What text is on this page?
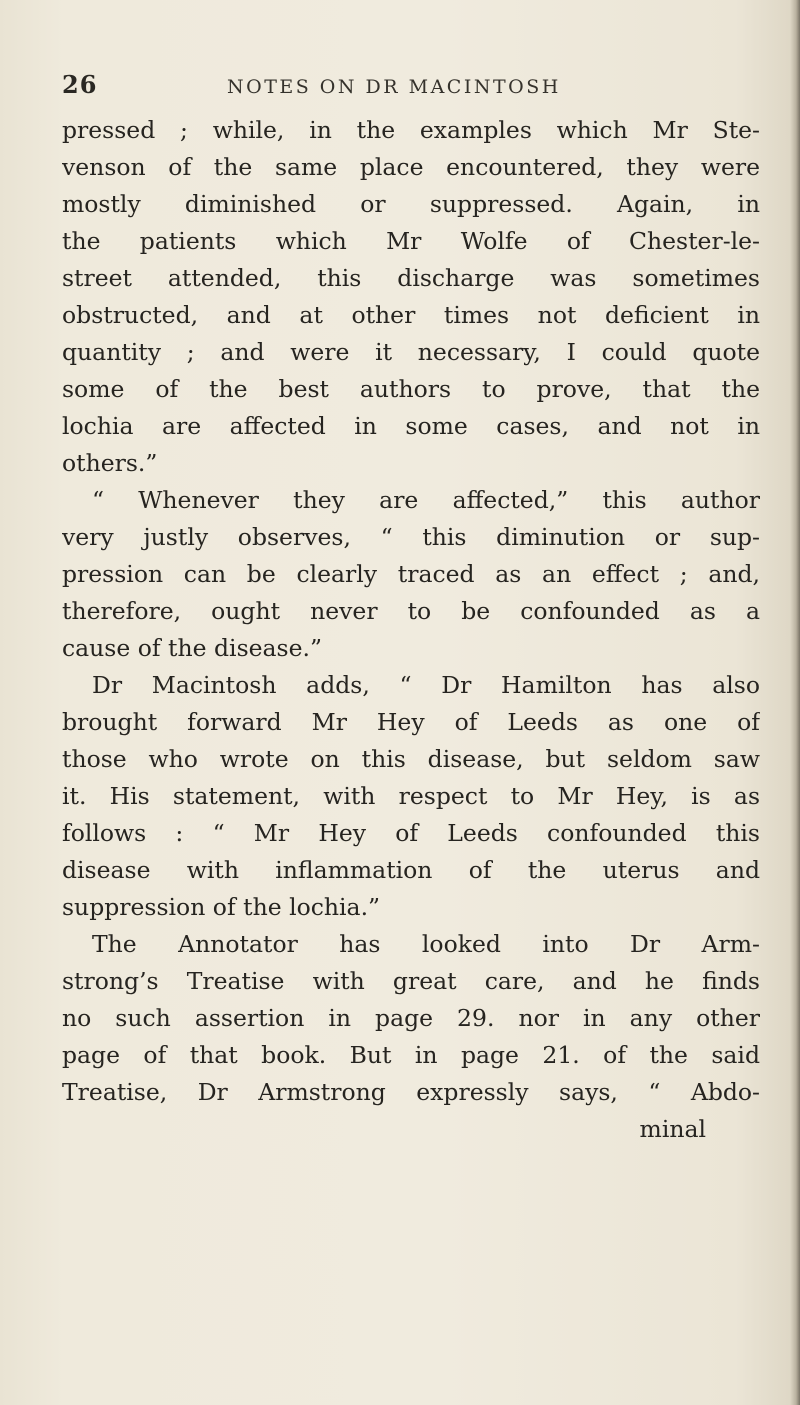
26	NOTES ON DR MACINTOSH
pressed ; while, in the examples which Mr Ste-
venson of the same place encountered, they were
mostly diminished or suppressed. Again, in
the patients which Mr Wolfe of Chester-le-
street attended, this discharge was sometimes
obstructed, and at other times not deficient in
quantity ; and were it necessary, I could quote
some of the best authors to prove, that the
lochia are affected in some cases, and not in
others.”
“ Whenever they are affected,” this author
very justly observes, “ this diminution or sup-
pression can be clearly traced as an effect ; and,
therefore, ought never to be confounded as a
cause of the disease.”
Dr Macintosh adds, “ Dr Hamilton has also
brought forward Mr Hey of Leeds as one of
those who wrote on this disease, but seldom saw
it. His statement, with respect to Mr Hey, is as
follows : “ Mr Hey of Leeds confounded this
disease with inflammation of the uterus and
suppression of the lochia.”
The Annotator has looked into Dr Arm-
strong’s Treatise with great care, and he finds
no such assertion in page 29. nor in any other
page of that book. But in page 21. of the said
Treatise, Dr Armstrong expressly says, “ Abdo-
minal
